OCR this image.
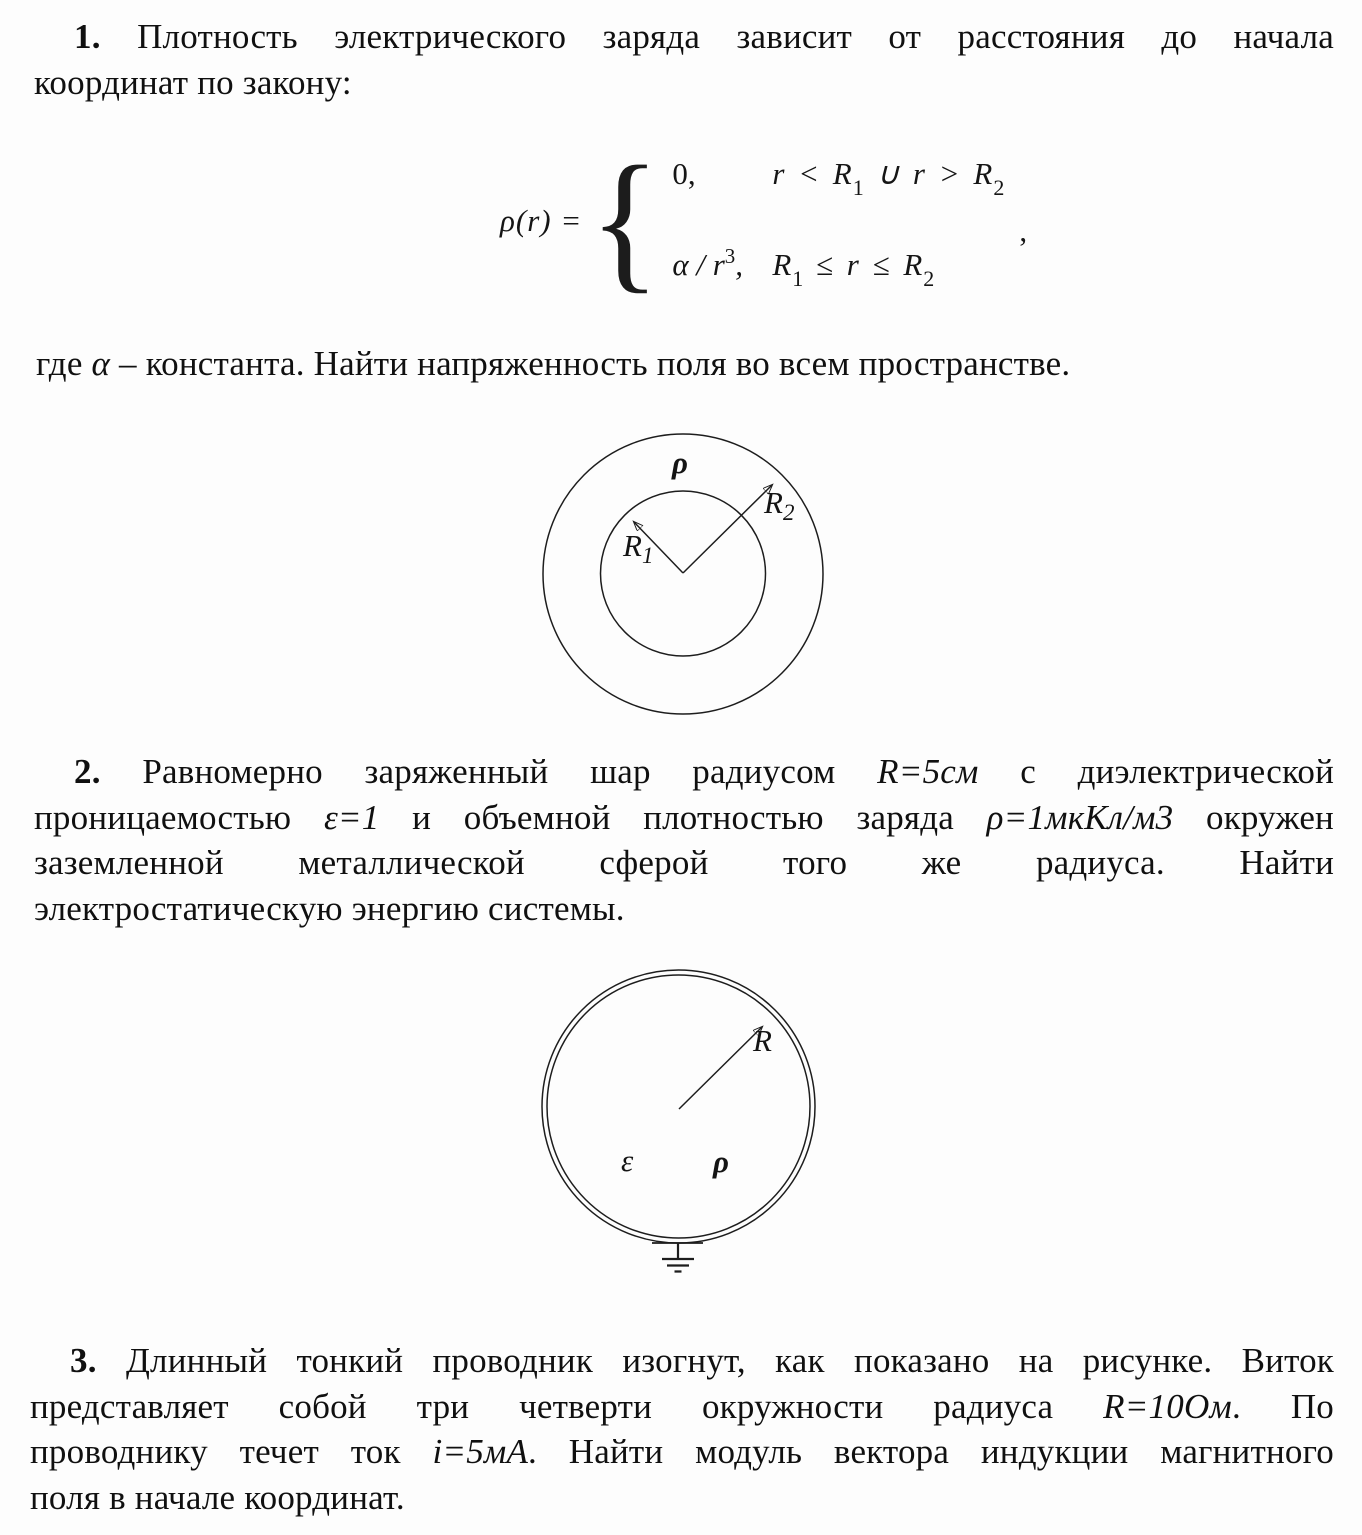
1. Плотность электрического заряда зависит от расстояния до начала
координат по закону:
ρ(r) = { 0,	$r < R_1$ ∪ $r > R_2$
α / $r^3$, $R_1 \le r \le R_2$
,
где α – константа. Найти напряженность поля во всем пространстве.
ρ
$R_2$
$R_1$
2. Равномерно заряженный шар радиусом R=5см с диэлектрической
проницаемостью ε=1 и объемной плотностью заряда ρ=1мкКл/м3 окружен
заземленной металлической сферой того же радиуса. Найти
электростатическую энергию системы.
R
ε	ρ
3. Длинный тонкий проводник изогнут, как показано на рисунке. Виток
представляет собой три четверти окружности радиуса R=10Ом. По
проводнику течет ток i=5мА. Найти модуль вектора индукции магнитного
поля в начале координат.
